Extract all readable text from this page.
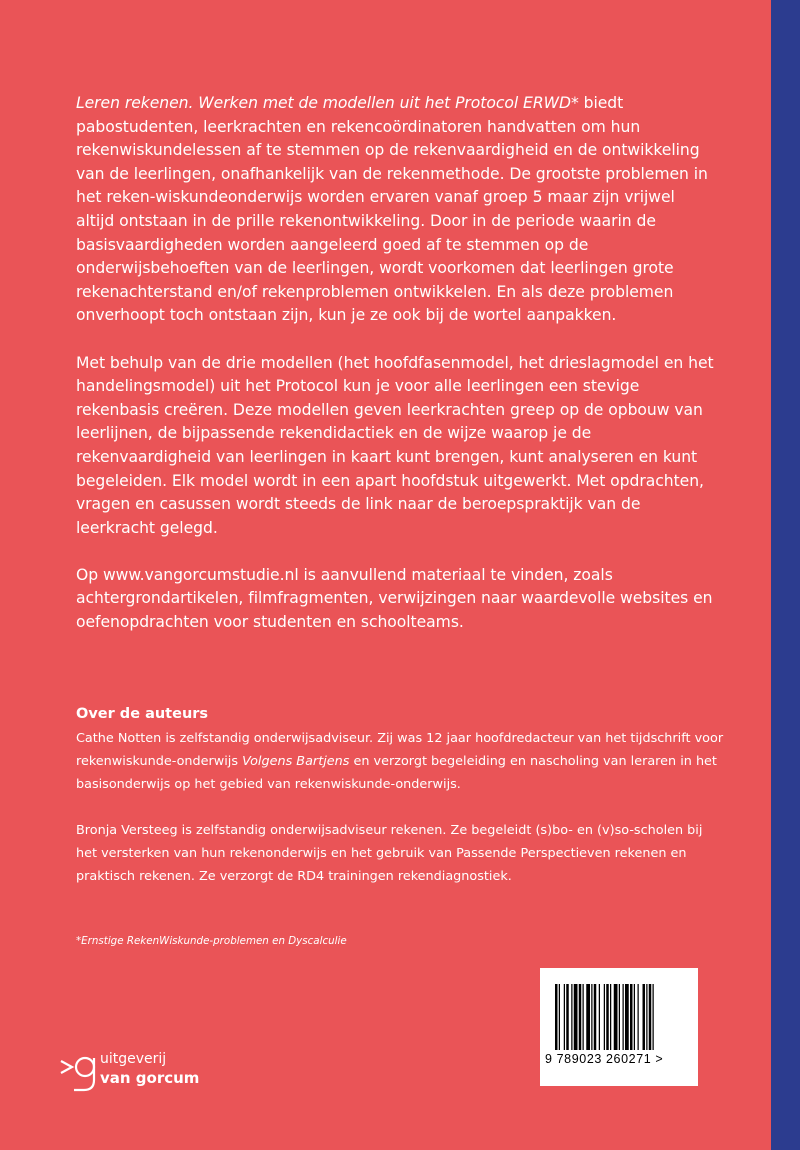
Leren rekenen. Werken met de modellen uit het Protocol ERWD* biedt pabostudenten, leerkrachten en rekencoördinatoren handvatten om hun rekenwiskundelessen af te stemmen op de rekenvaardigheid en de ontwikkeling van de leerlingen, onafhankelijk van de rekenmethode. De grootste problemen in het reken-wiskundeonderwijs worden ervaren vanaf groep 5 maar zijn vrijwel altijd ontstaan in de prille rekenontwikkeling. Door in de periode waarin de basisvaardigheden worden aangeleerd goed af te stemmen op de onderwijsbehoeften van de leerlingen, wordt voorkomen dat leerlingen grote rekenachterstand en/of rekenproblemen ontwikkelen. En als deze problemen onverhoopt toch ontstaan zijn, kun je ze ook bij de wortel aanpakken.

Met behulp van de drie modellen (het hoofdfasenmodel, het drieslagmodel en het handelingsmodel) uit het Protocol kun je voor alle leerlingen een stevige rekenbasis creëren. Deze modellen geven leerkrachten greep op de opbouw van leerlijnen, de bijpassende rekendidactiek en de wijze waarop je de rekenvaardigheid van leerlingen in kaart kunt brengen, kunt analyseren en kunt begeleiden. Elk model wordt in een apart hoofdstuk uitgewerkt. Met opdrachten, vragen en casussen wordt steeds de link naar de beroepspraktijk van de leerkracht gelegd.

Op www.vangorcumstudie.nl is aanvullend materiaal te vinden, zoals achtergrondartikelen, filmfragmenten, verwijzingen naar waardevolle websites en oefenopdrachten voor studenten en schoolteams.

Over de auteurs

Cathe Notten is zelfstandig onderwijsadviseur. Zij was 12 jaar hoofdredacteur van het tijdschrift voor rekenwiskunde-onderwijs Volgens Bartjens en verzorgt begeleiding en nascholing van leraren in het basisonderwijs op het gebied van rekenwiskunde-onderwijs.

Bronja Versteeg is zelfstandig onderwijsadviseur rekenen. Ze begeleidt (s)bo- en (v)so-scholen bij het versterken van hun rekenonderwijs en het gebruik van Passende Perspectieven rekenen en praktisch rekenen. Ze verzorgt de RD4 trainingen rekendiagnostiek.

*Ernstige RekenWiskunde-problemen en Dyscalculie

uitgeverij

van gorcum

9 789023 260271 >
